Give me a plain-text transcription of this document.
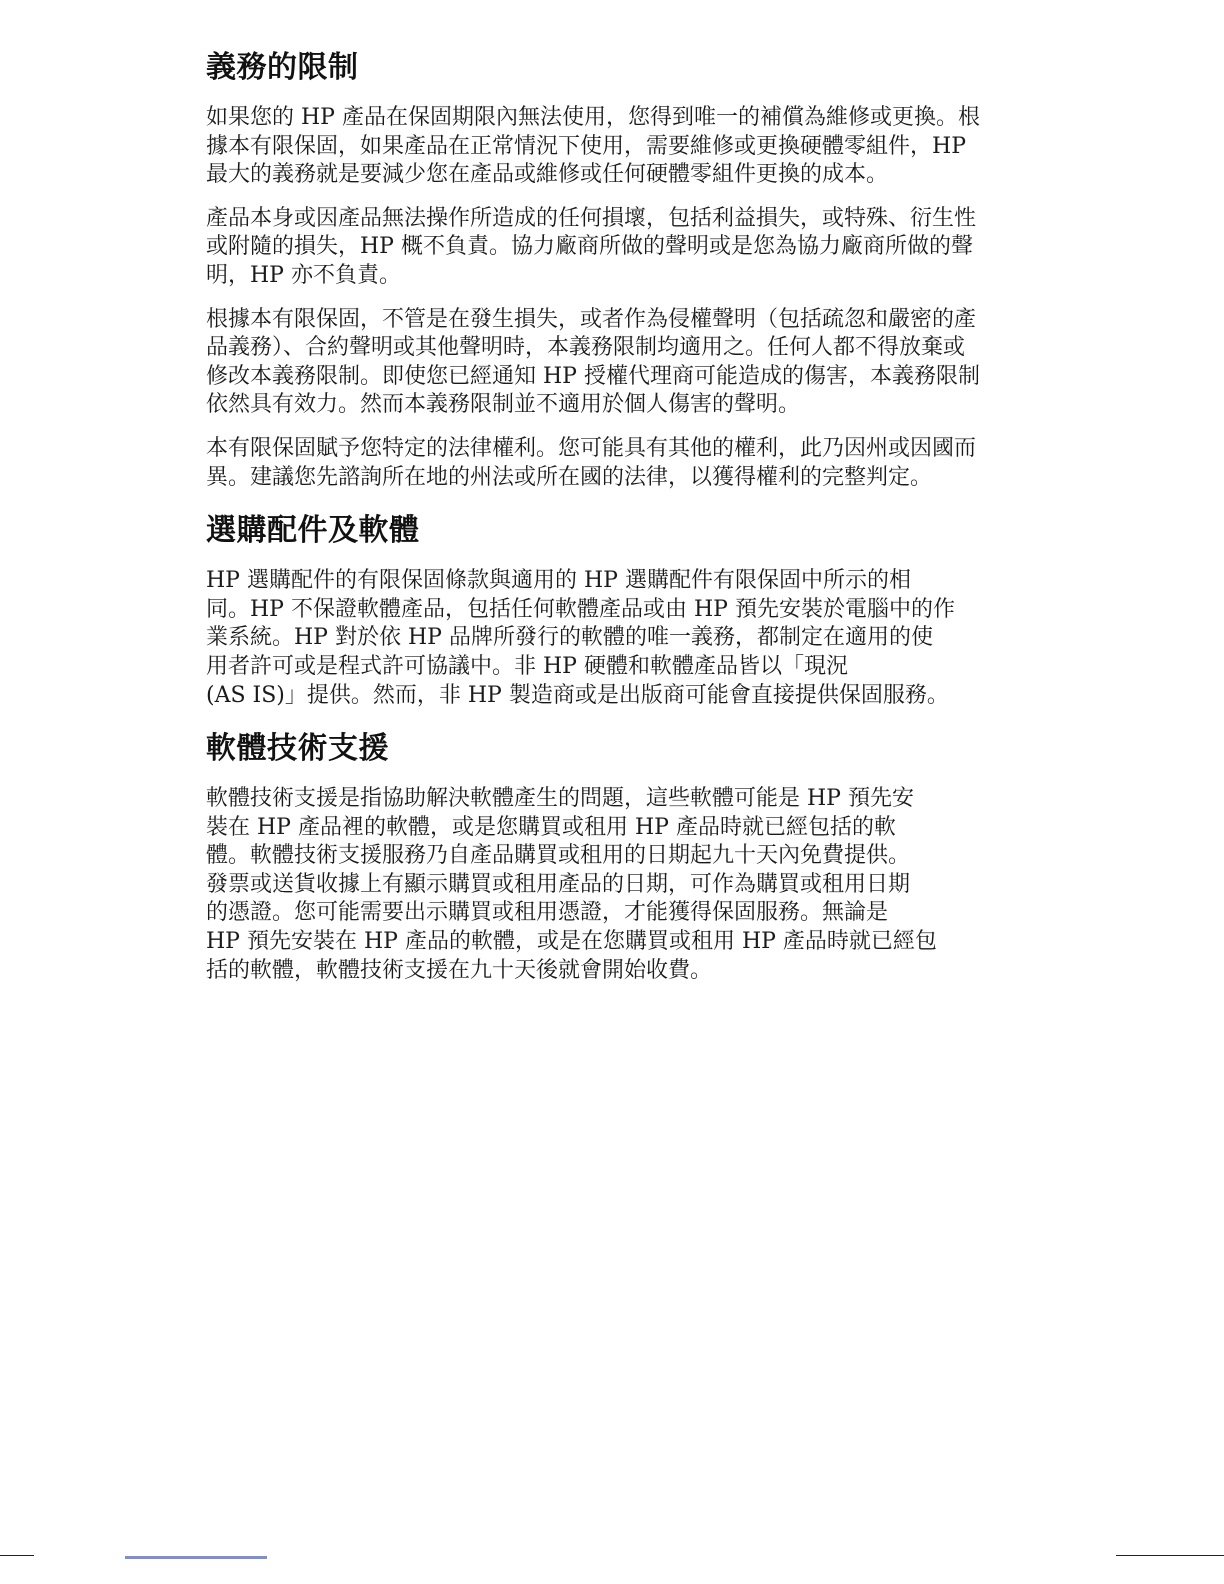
義務的限制

如果您的 HP 產品在保固期限內無法使用，您得到唯一的補償為維修或更換。根
據本有限保固，如果產品在正常情況下使用，需要維修或更換硬體零組件，HP
最大的義務就是要減少您在產品或維修或任何硬體零組件更換的成本。

產品本身或因產品無法操作所造成的任何損壞，包括利益損失，或特殊、衍生性
或附隨的損失，HP 概不負責。協力廠商所做的聲明或是您為協力廠商所做的聲
明，HP 亦不負責。

根據本有限保固，不管是在發生損失，或者作為侵權聲明（包括疏忽和嚴密的產
品義務）、合約聲明或其他聲明時，本義務限制均適用之。任何人都不得放棄或
修改本義務限制。即使您已經通知 HP 授權代理商可能造成的傷害，本義務限制
依然具有效力。然而本義務限制並不適用於個人傷害的聲明。

本有限保固賦予您特定的法律權利。您可能具有其他的權利，此乃因州或因國而
異。建議您先諮詢所在地的州法或所在國的法律，以獲得權利的完整判定。

選購配件及軟體

HP 選購配件的有限保固條款與適用的 HP 選購配件有限保固中所示的相
同。HP 不保證軟體產品，包括任何軟體產品或由 HP 預先安裝於電腦中的作
業系統。HP 對於依 HP 品牌所發行的軟體的唯一義務，都制定在適用的使
用者許可或是程式許可協議中。非 HP 硬體和軟體產品皆以「現況
(AS IS)」提供。然而，非 HP 製造商或是出版商可能會直接提供保固服務。

軟體技術支援

軟體技術支援是指協助解決軟體產生的問題，這些軟體可能是 HP 預先安
裝在 HP 產品裡的軟體，或是您購買或租用 HP 產品時就已經包括的軟
體。軟體技術支援服務乃自產品購買或租用的日期起九十天內免費提供。
發票或送貨收據上有顯示購買或租用產品的日期，可作為購買或租用日期
的憑證。您可能需要出示購買或租用憑證，才能獲得保固服務。無論是
HP 預先安裝在 HP 產品的軟體，或是在您購買或租用 HP 產品時就已經包
括的軟體，軟體技術支援在九十天後就會開始收費。
